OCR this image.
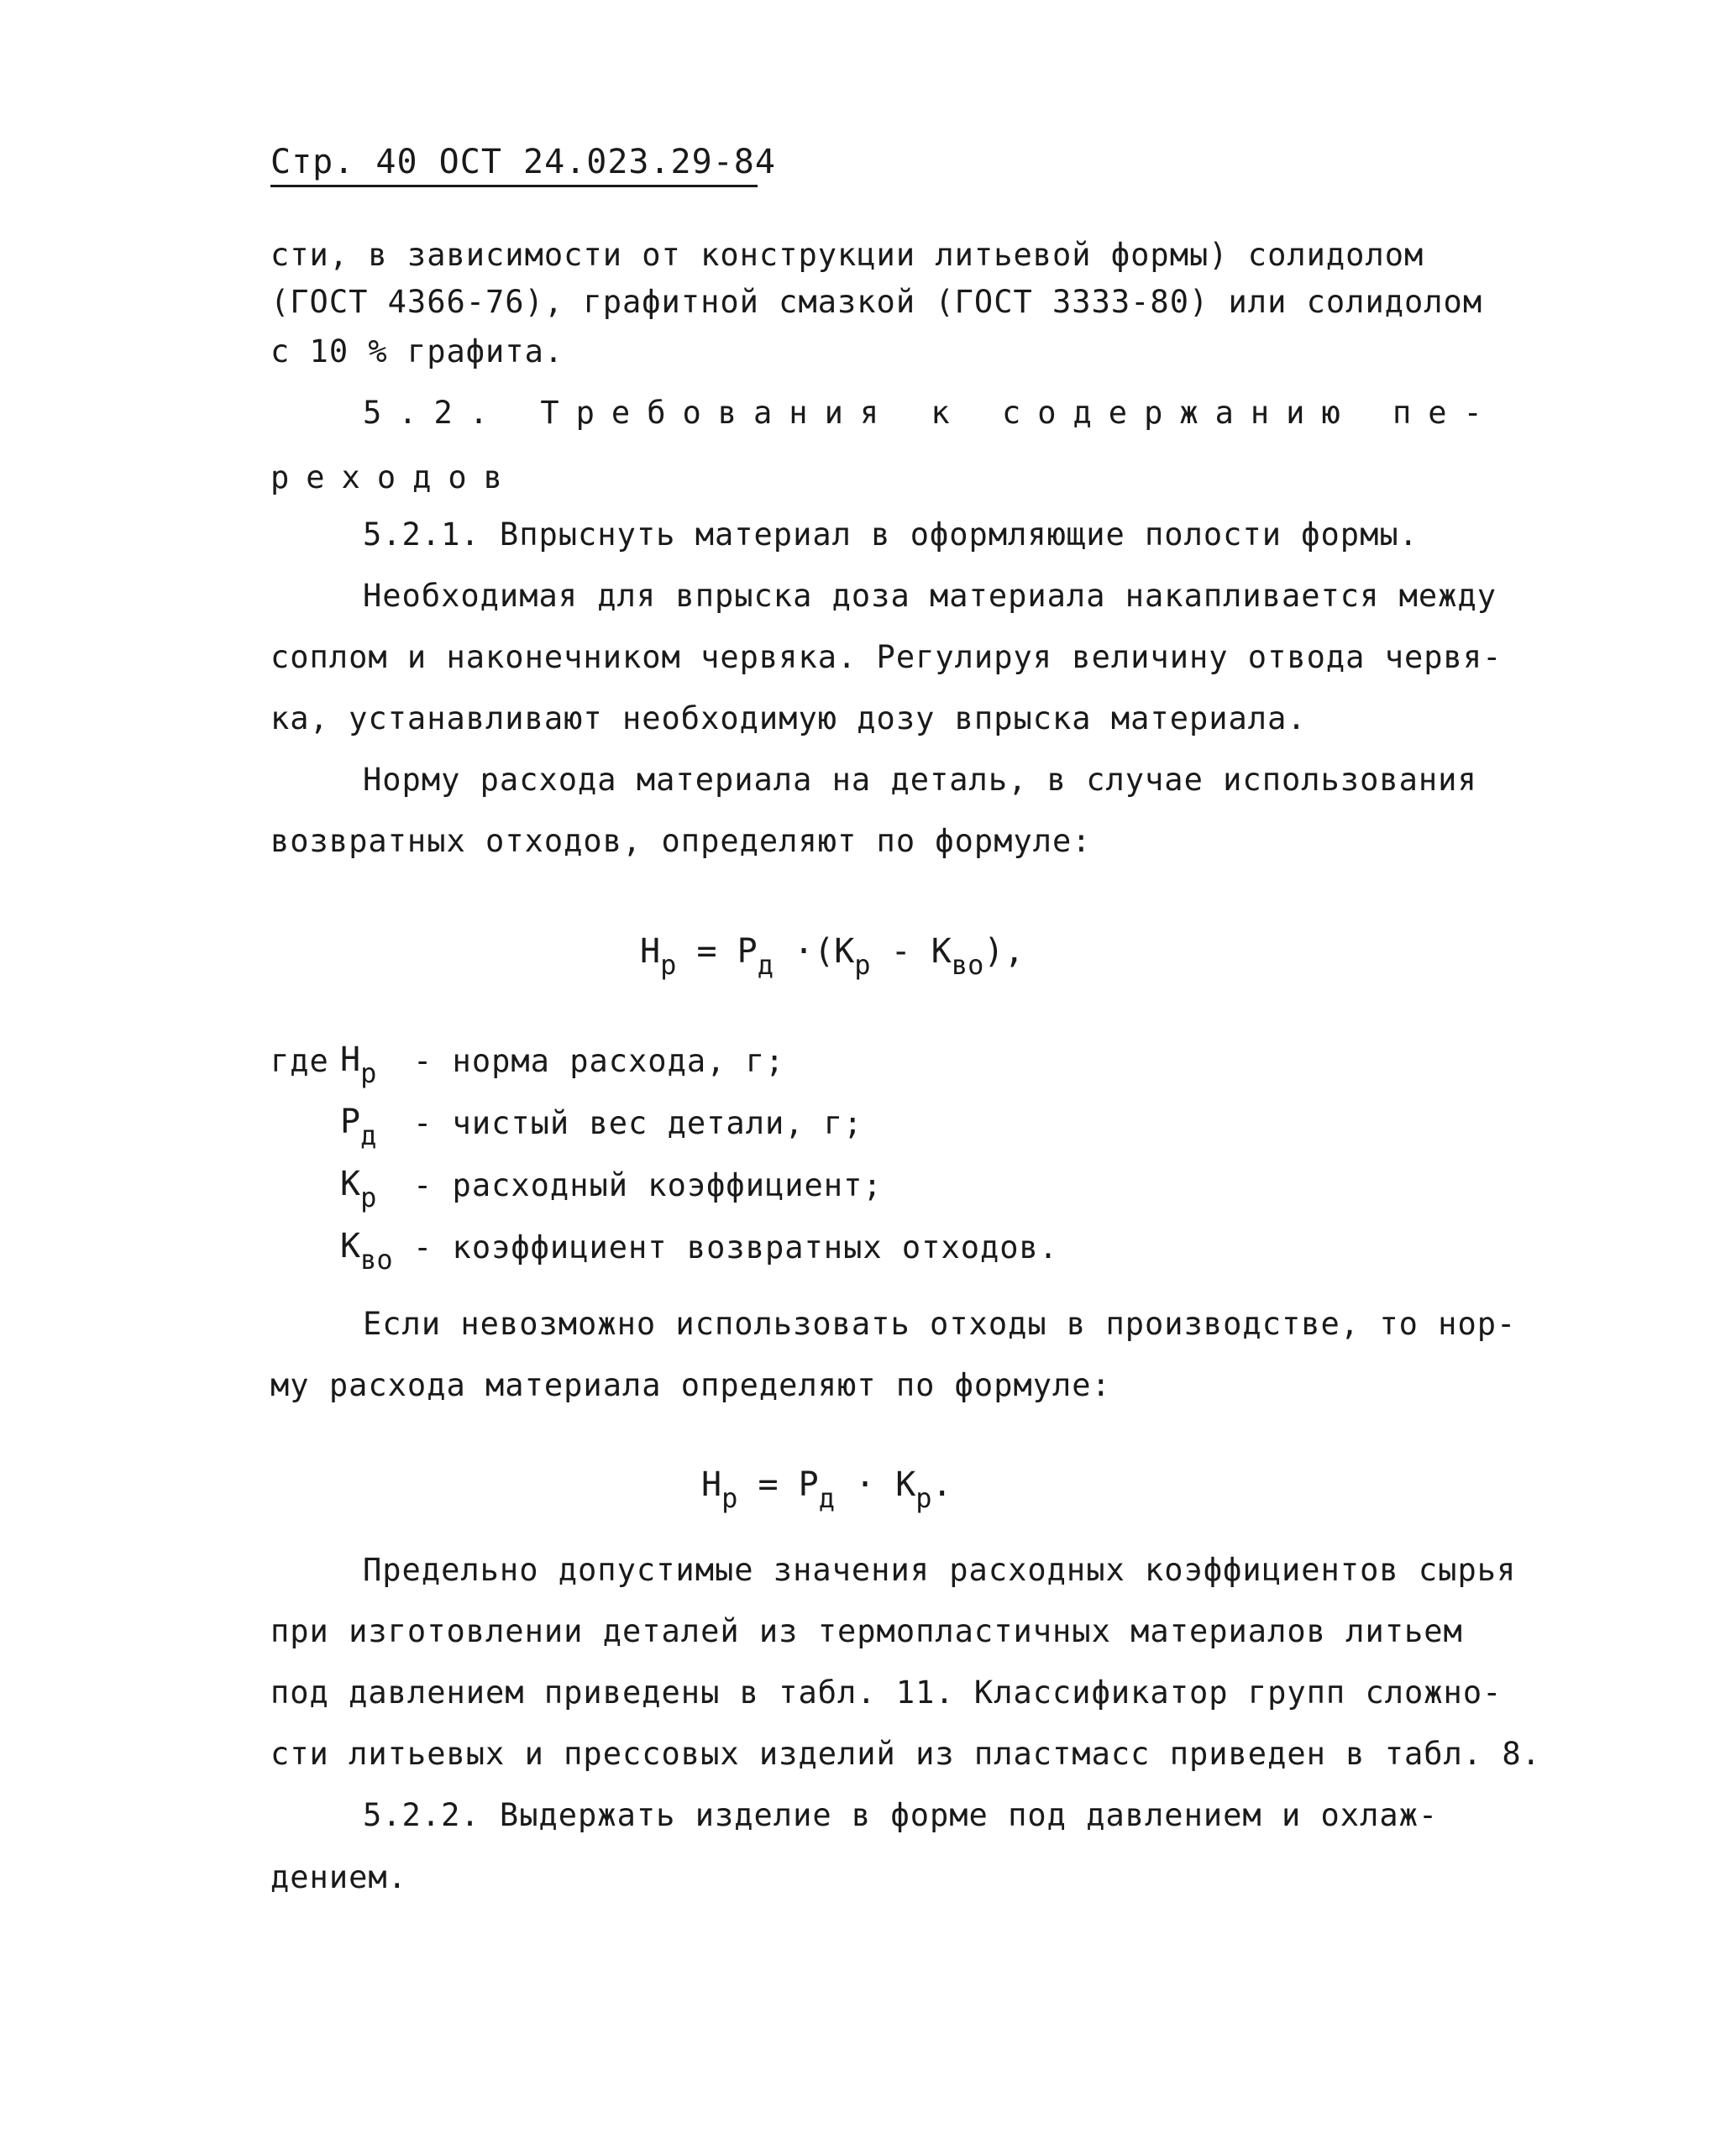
Стр. 40 ОСТ 24.023.29-84
сти, в зависимости от конструкции литьевой формы) солидолом
(ГОСТ 4366-76), графитной смазкой (ГОСТ 3333-80) или солидолом
с 10 % графита.
5.2. Требования к содержанию пе-
реходов
5.2.1. Впрыснуть материал в оформляющие полости формы.
Необходимая для впрыска доза материала накапливается между
соплом и наконечником червяка. Регулируя величину отвода червя-
ка, устанавливают необходимую дозу впрыска материала.
Норму расхода материала на деталь, в случае использования
возвратных отходов, определяют по формуле:
$Н_р = Р_д \cdot(К_р - К_{во})$,
где $Н_р$ - норма расхода, г;
$Р_д$ - чистый вес детали, г;
$К_р$ - расходный коэффициент;
$К_{во}$ - коэффициент возвратных отходов.
Если невозможно использовать отходы в производстве, то нор-
му расхода материала определяют по формуле:
$Н_р = Р_д \cdot К_р$.
Предельно допустимые значения расходных коэффициентов сырья
при изготовлении деталей из термопластичных материалов литьем
под давлением приведены в табл. 11. Классификатор групп сложно-
сти литьевых и прессовых изделий из пластмасс приведен в табл. 8.
5.2.2. Выдержать изделие в форме под давлением и охлаж-
дением.
